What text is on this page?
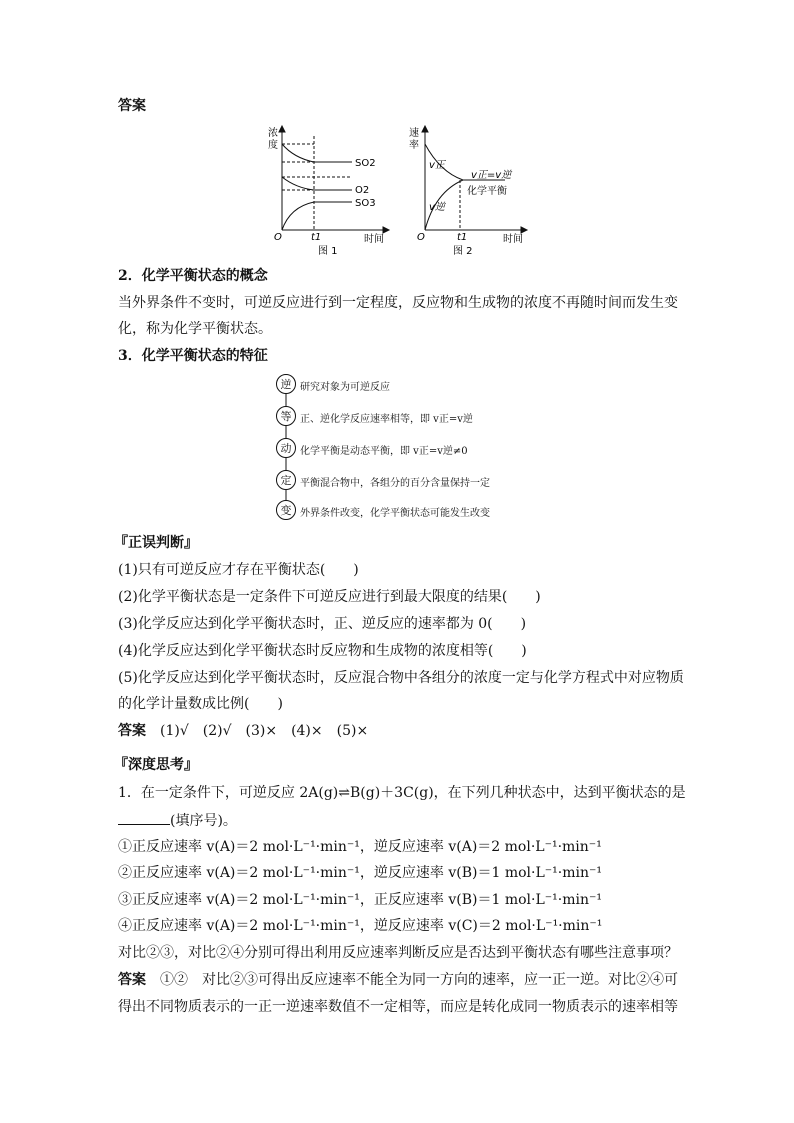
答案
浓
度
O	t1	时间
SO2
O2
SO3
图 1
速
率
O	t1	时间
v正
v逆
v正=v逆
化学平衡
图 2
2．化学平衡状态的概念
当外界条件不变时，可逆反应进行到一定程度，反应物和生成物的浓度不再随时间而发生变
化，称为化学平衡状态。
3．化学平衡状态的特征
逆 研究对象为可逆反应
等 正、逆化学反应速率相等，即 v正=v逆
动 化学平衡是动态平衡，即 v正=v逆≠0
定 平衡混合物中，各组分的百分含量保持一定
变 外界条件改变，化学平衡状态可能发生改变
『正误判断』
(1)只有可逆反应才存在平衡状态(　　)
(2)化学平衡状态是一定条件下可逆反应进行到最大限度的结果(　　)
(3)化学反应达到化学平衡状态时，正、逆反应的速率都为 0(　　)
(4)化学反应达到化学平衡状态时反应物和生成物的浓度相等(　　)
(5)化学反应达到化学平衡状态时，反应混合物中各组分的浓度一定与化学方程式中对应物质
的化学计量数成比例(　　)
答案　 (1)√　(2)√　(3)×　(4)×　(5)×
『深度思考』
1．在一定条件下，可逆反应 2A(g)⇌B(g)＋3C(g)，在下列几种状态中，达到平衡状态的是
(填序号)。
①正反应速率 v(A)＝2 mol·L⁻¹·min⁻¹，逆反应速率 v(A)＝2 mol·L⁻¹·min⁻¹
②正反应速率 v(A)＝2 mol·L⁻¹·min⁻¹，逆反应速率 v(B)＝1 mol·L⁻¹·min⁻¹
③正反应速率 v(A)＝2 mol·L⁻¹·min⁻¹，正反应速率 v(B)＝1 mol·L⁻¹·min⁻¹
④正反应速率 v(A)＝2 mol·L⁻¹·min⁻¹，逆反应速率 v(C)＝2 mol·L⁻¹·min⁻¹
对比②③，对比②④分别可得出利用反应速率判断反应是否达到平衡状态有哪些注意事项？
答案　 ①②　对比②③可得出反应速率不能全为同一方向的速率，应一正一逆。对比②④可
得出不同物质表示的一正一逆速率数值不一定相等，而应是转化成同一物质表示的速率相等
